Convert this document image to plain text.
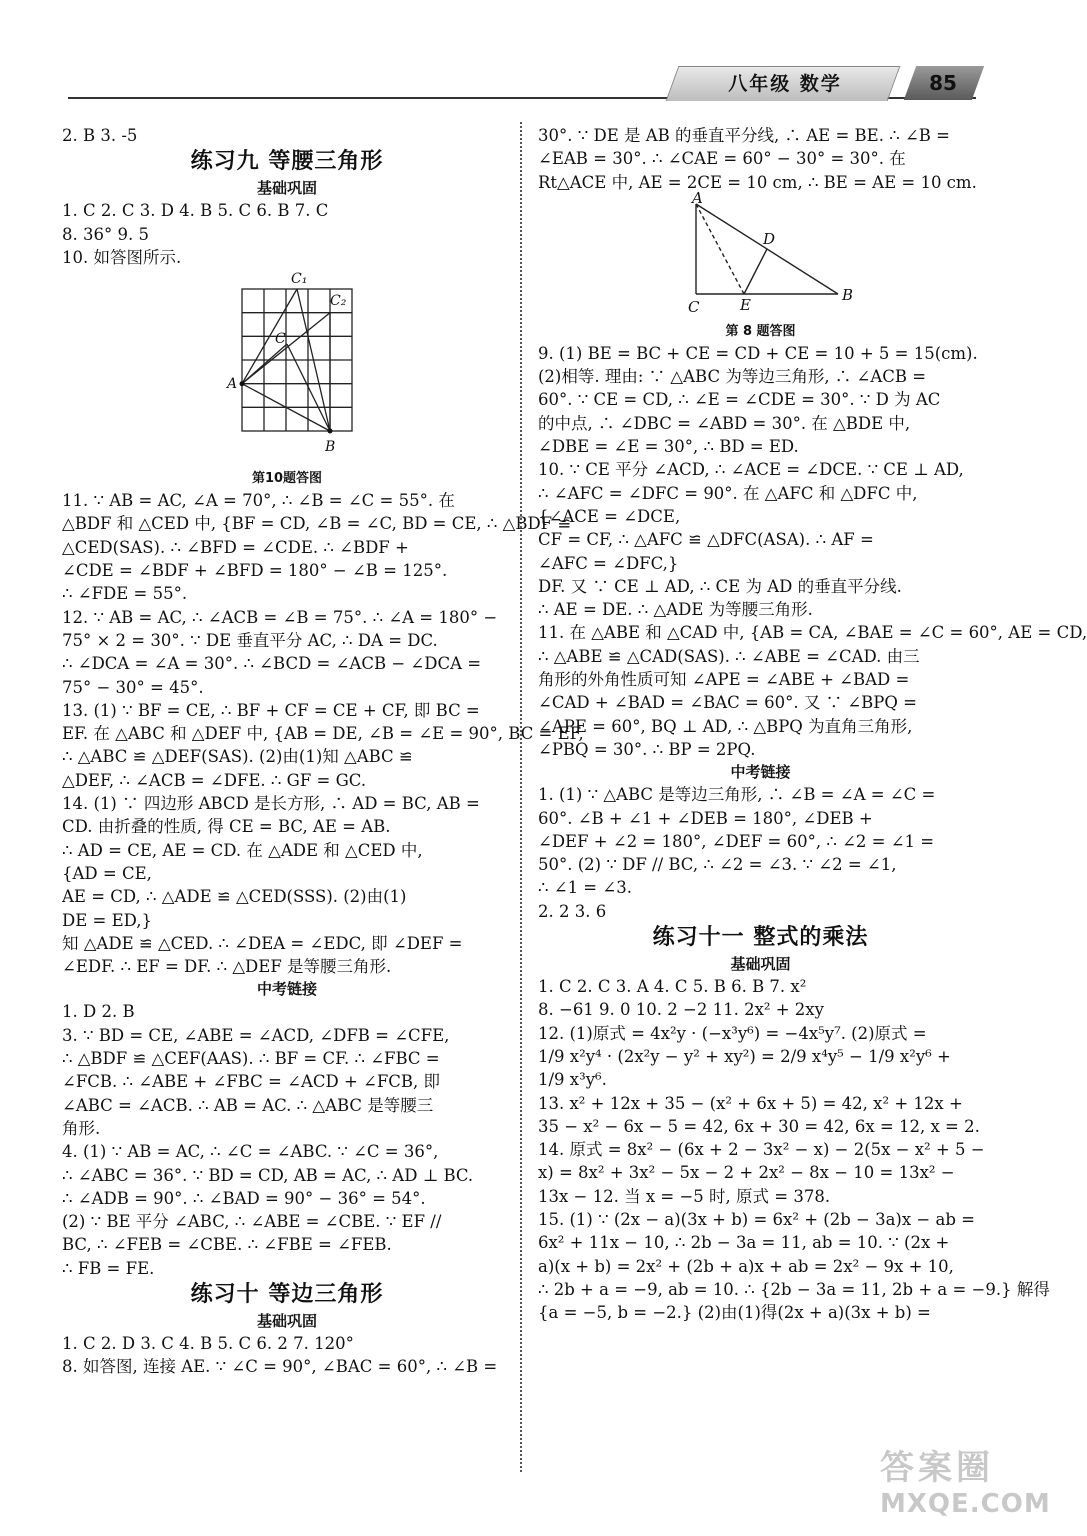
八年级 数学	85
2. B 3. -5
练习九 等腰三角形
基础巩固
1. C 2. C 3. D 4. B 5. C 6. B 7. C
8. 36° 9. 5
10. 如答图所示.
C₁
C₂
C
A
B
第10题答图
11. ∵ AB = AC, ∠A = 70°, ∴ ∠B = ∠C = 55°. 在
△BDF 和 △CED 中, {BF = CD, ∠B = ∠C, BD = CE, ∴ △BDF ≌
△CED(SAS). ∴ ∠BFD = ∠CDE. ∴ ∠BDF +
∠CDE = ∠BDF + ∠BFD = 180° − ∠B = 125°.
∴ ∠FDE = 55°.
12. ∵ AB = AC, ∴ ∠ACB = ∠B = 75°. ∴ ∠A = 180° −
75° × 2 = 30°. ∵ DE 垂直平分 AC, ∴ DA = DC.
∴ ∠DCA = ∠A = 30°. ∴ ∠BCD = ∠ACB − ∠DCA =
75° − 30° = 45°.
13. (1) ∵ BF = CE, ∴ BF + CF = CE + CF, 即 BC =
EF. 在 △ABC 和 △DEF 中, {AB = DE, ∠B = ∠E = 90°, BC = EF,
∴ △ABC ≌ △DEF(SAS). (2)由(1)知 △ABC ≌
△DEF, ∴ ∠ACB = ∠DFE. ∴ GF = GC.
14. (1) ∵ 四边形 ABCD 是长方形, ∴ AD = BC, AB =
CD. 由折叠的性质, 得 CE = BC, AE = AB.
∴ AD = CE, AE = CD. 在 △ADE 和 △CED 中,
{AD = CE,
AE = CD, ∴ △ADE ≌ △CED(SSS). (2)由(1)
DE = ED,}
知 △ADE ≌ △CED. ∴ ∠DEA = ∠EDC, 即 ∠DEF =
∠EDF. ∴ EF = DF. ∴ △DEF 是等腰三角形.
中考链接
1. D 2. B
3. ∵ BD = CE, ∠ABE = ∠ACD, ∠DFB = ∠CFE,
∴ △BDF ≌ △CEF(AAS). ∴ BF = CF. ∴ ∠FBC =
∠FCB. ∴ ∠ABE + ∠FBC = ∠ACD + ∠FCB, 即
∠ABC = ∠ACB. ∴ AB = AC. ∴ △ABC 是等腰三
角形.
4. (1) ∵ AB = AC, ∴ ∠C = ∠ABC. ∵ ∠C = 36°,
∴ ∠ABC = 36°. ∵ BD = CD, AB = AC, ∴ AD ⊥ BC.
∴ ∠ADB = 90°. ∴ ∠BAD = 90° − 36° = 54°.
(2) ∵ BE 平分 ∠ABC, ∴ ∠ABE = ∠CBE. ∵ EF //
BC, ∴ ∠FEB = ∠CBE. ∴ ∠FBE = ∠FEB.
∴ FB = FE.
练习十 等边三角形
基础巩固
1. C 2. D 3. C 4. B 5. C 6. 2 7. 120°
8. 如答图, 连接 AE. ∵ ∠C = 90°, ∠BAC = 60°, ∴ ∠B =
30°. ∵ DE 是 AB 的垂直平分线, ∴ AE = BE. ∴ ∠B =
∠EAB = 30°. ∴ ∠CAE = 60° − 30° = 30°. 在
Rt△ACE 中, AE = 2CE = 10 cm, ∴ BE = AE = 10 cm.
A
D
C	E
B
第 8 题答图
9. (1) BE = BC + CE = CD + CE = 10 + 5 = 15(cm).
(2)相等. 理由: ∵ △ABC 为等边三角形, ∴ ∠ACB =
60°. ∵ CE = CD, ∴ ∠E = ∠CDE = 30°. ∵ D 为 AC
的中点, ∴ ∠DBC = ∠ABD = 30°. 在 △BDE 中,
∠DBE = ∠E = 30°, ∴ BD = ED.
10. ∵ CE 平分 ∠ACD, ∴ ∠ACE = ∠DCE. ∵ CE ⊥ AD,
∴ ∠AFC = ∠DFC = 90°. 在 △AFC 和 △DFC 中,
{∠ACE = ∠DCE,
CF = CF, ∴ △AFC ≌ △DFC(ASA). ∴ AF =
∠AFC = ∠DFC,}
DF. 又 ∵ CE ⊥ AD, ∴ CE 为 AD 的垂直平分线.
∴ AE = DE. ∴ △ADE 为等腰三角形.
11. 在 △ABE 和 △CAD 中, {AB = CA, ∠BAE = ∠C = 60°, AE = CD,
∴ △ABE ≌ △CAD(SAS). ∴ ∠ABE = ∠CAD. 由三
角形的外角性质可知 ∠APE = ∠ABE + ∠BAD =
∠CAD + ∠BAD = ∠BAC = 60°. 又 ∵ ∠BPQ =
∠APE = 60°, BQ ⊥ AD, ∴ △BPQ 为直角三角形,
∠PBQ = 30°. ∴ BP = 2PQ.
中考链接
1. (1) ∵ △ABC 是等边三角形, ∴ ∠B = ∠A = ∠C =
60°. ∠B + ∠1 + ∠DEB = 180°, ∠DEB +
∠DEF + ∠2 = 180°, ∠DEF = 60°, ∴ ∠2 = ∠1 =
50°. (2) ∵ DF // BC, ∴ ∠2 = ∠3. ∵ ∠2 = ∠1,
∴ ∠1 = ∠3.
2. 2 3. 6
练习十一 整式的乘法
基础巩固
1. C 2. C 3. A 4. C 5. B 6. B 7. x²
8. −61 9. 0 10. 2 −2 11. 2x² + 2xy
12. (1)原式 = 4x²y · (−x³y⁶) = −4x⁵y⁷. (2)原式 =
1/9 x²y⁴ · (2x²y − y² + xy²) = 2/9 x⁴y⁵ − 1/9 x²y⁶ +
1/9 x³y⁶.
13. x² + 12x + 35 − (x² + 6x + 5) = 42, x² + 12x +
35 − x² − 6x − 5 = 42, 6x + 30 = 42, 6x = 12, x = 2.
14. 原式 = 8x² − (6x + 2 − 3x² − x) − 2(5x − x² + 5 −
x) = 8x² + 3x² − 5x − 2 + 2x² − 8x − 10 = 13x² −
13x − 12. 当 x = −5 时, 原式 = 378.
15. (1) ∵ (2x − a)(3x + b) = 6x² + (2b − 3a)x − ab =
6x² + 11x − 10, ∴ 2b − 3a = 11, ab = 10. ∵ (2x +
a)(x + b) = 2x² + (2b + a)x + ab = 2x² − 9x + 10,
∴ 2b + a = −9, ab = 10. ∴ {2b − 3a = 11, 2b + a = −9.} 解得
{a = −5, b = −2.} (2)由(1)得(2x + a)(3x + b) =
答案圈
MXQE.COM
